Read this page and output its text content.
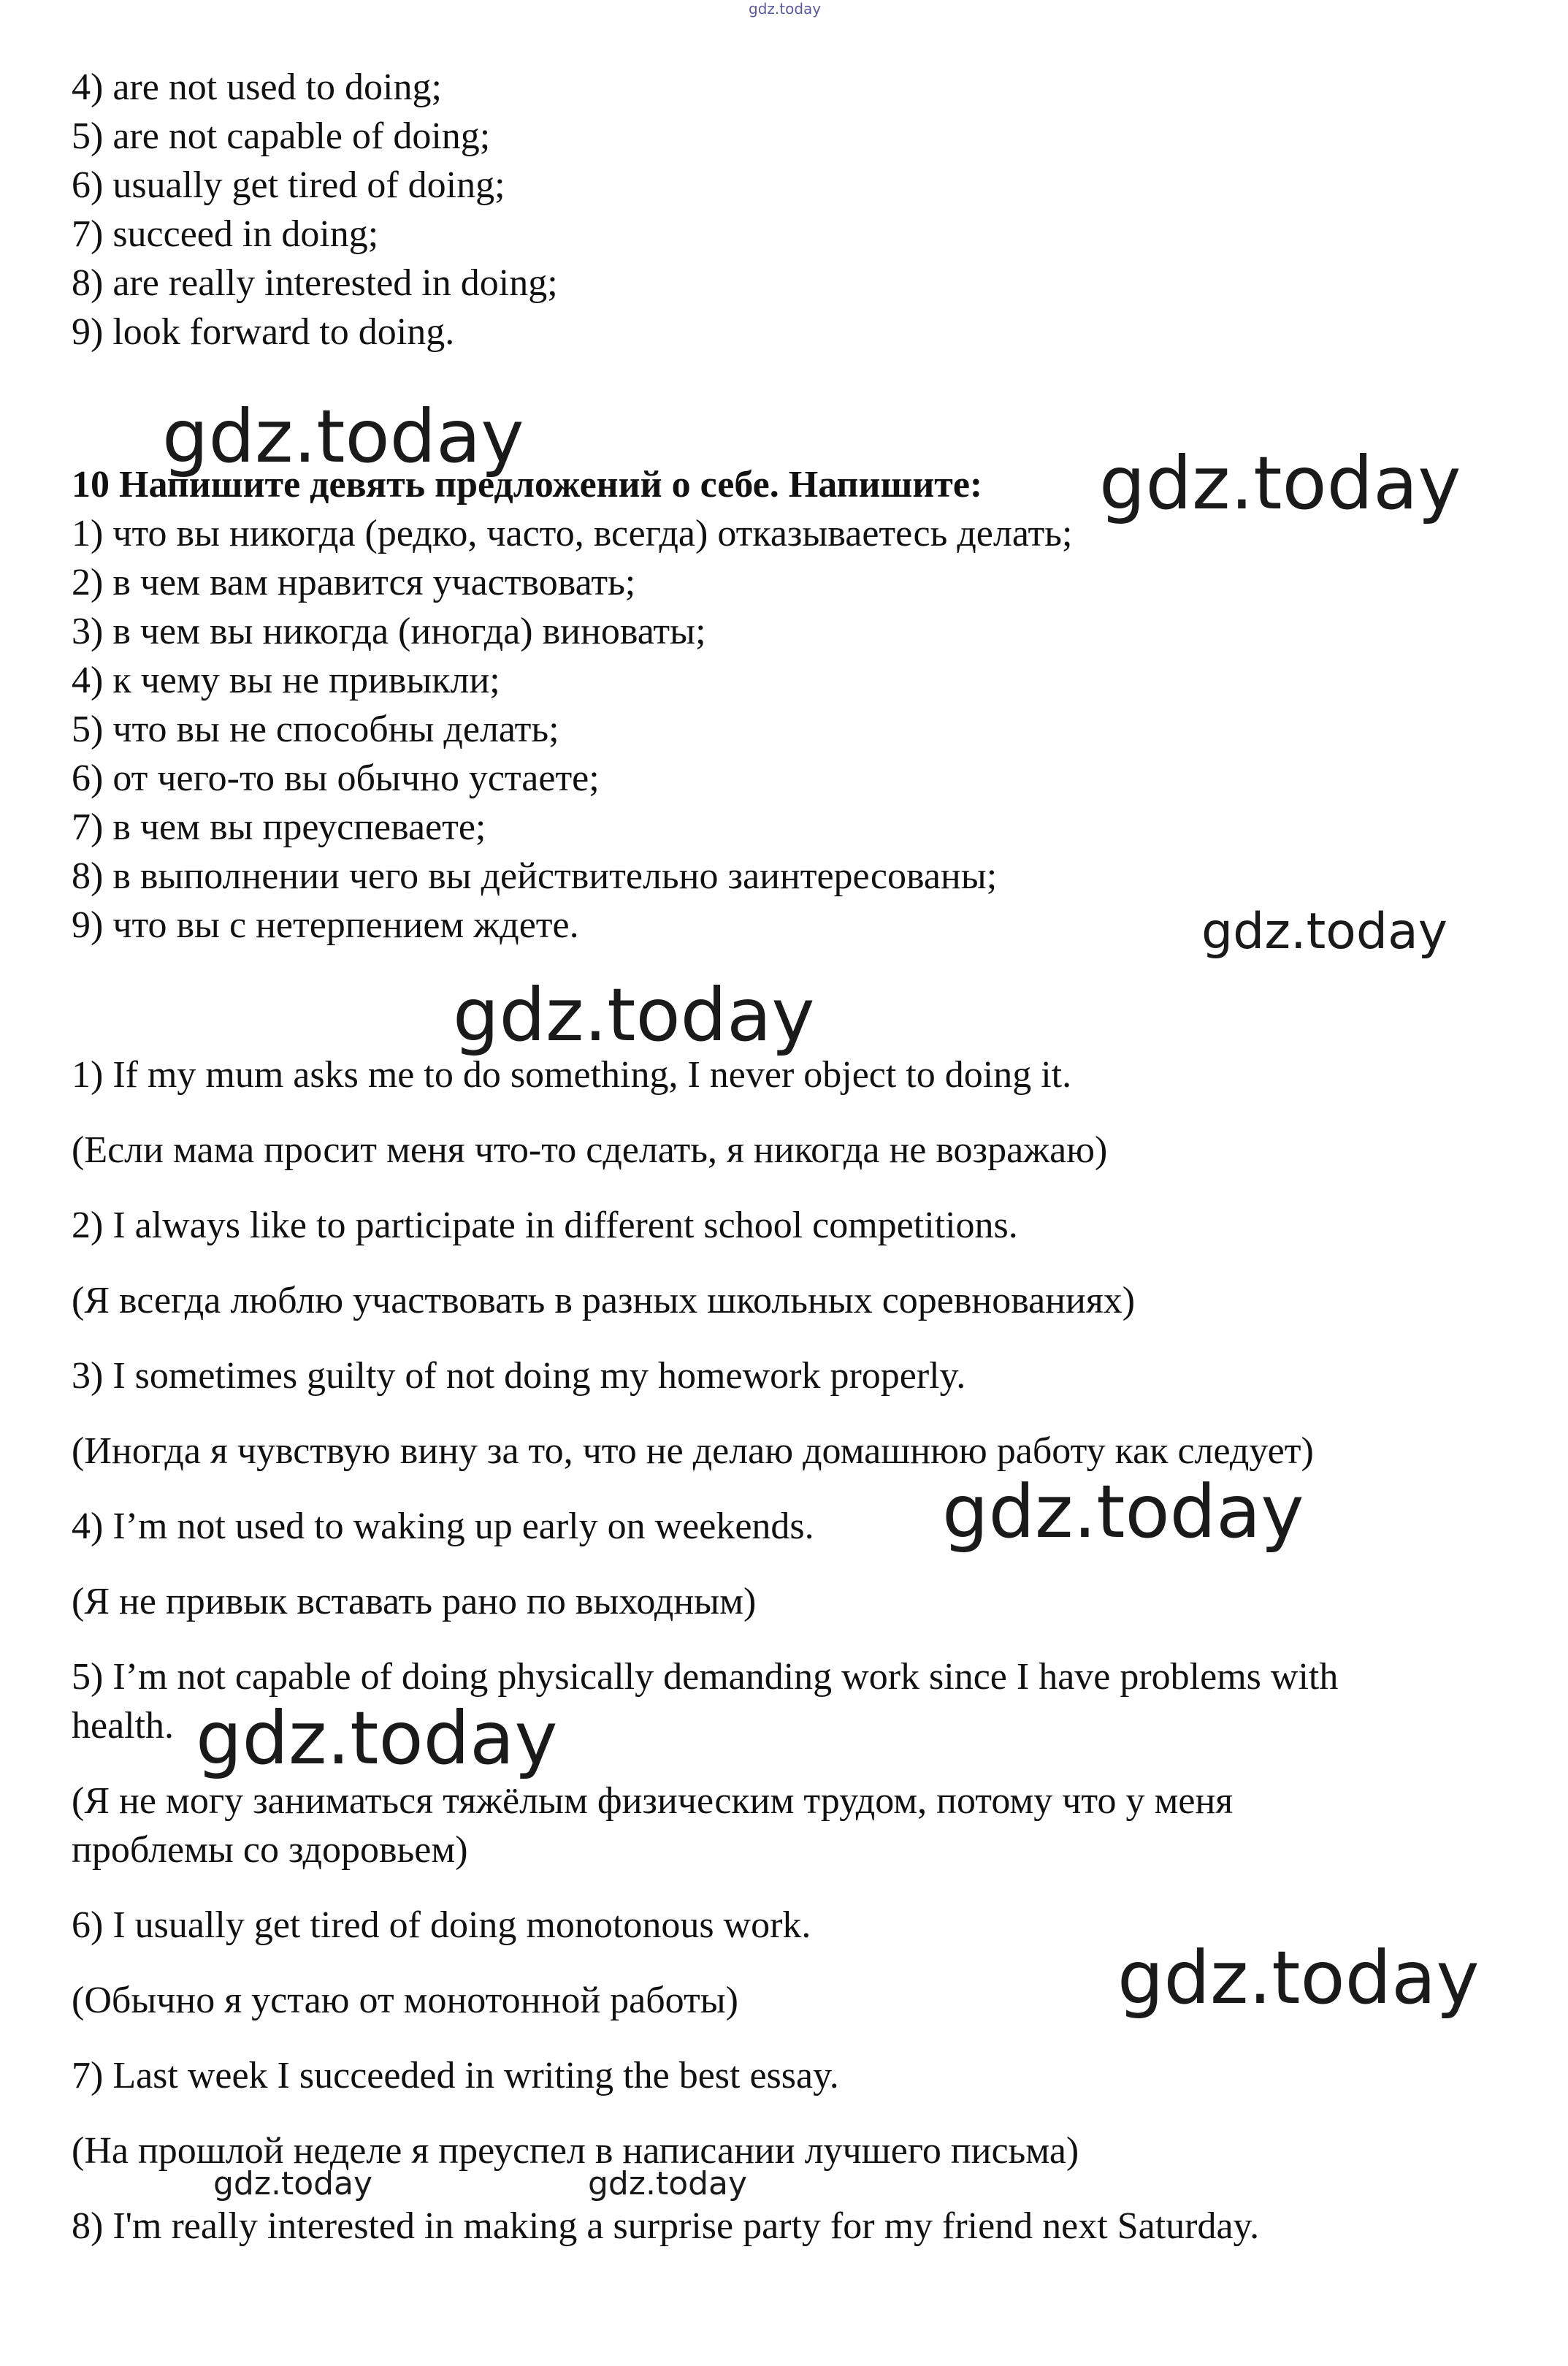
gdz.today
4) are not used to doing;
5) are not capable of doing;
6) usually get tired of doing;
7) succeed in doing;
8) are really interested in doing;
9) look forward to doing.
gdz.today
10 Напишите девять предложений о себе. Напишите: gdz.today
1) что вы никогда (редко, часто, всегда) отказываетесь делать;
2) в чем вам нравится участвовать;
3) в чем вы никогда (иногда) виноваты;
4) к чему вы не привыкли;
5) что вы не способны делать;
6) от чего-то вы обычно устаете;
7) в чем вы преуспеваете;
8) в выполнении чего вы действительно заинтересованы;
9) что вы с нетерпением ждете.	gdz.today
gdz.today
1) If my mum asks me to do something, I never object to doing it.
(Если мама просит меня что-то сделать, я никогда не возражаю)
2) I always like to participate in different school competitions.
(Я всегда люблю участвовать в разных школьных соревнованиях)
3) I sometimes guilty of not doing my homework properly.
(Иногда я чувствую вину за то, что не делаю домашнюю работу как следует)
4) I’m not used to waking up early on weekends. gdz.today
(Я не привык вставать рано по выходным)
5) I’m not capable of doing physically demanding work since I have problems with
health. gdz.today
(Я не могу заниматься тяжёлым физическим трудом, потому что у меня
проблемы со здоровьем)
6) I usually get tired of doing monotonous work.
(Обычно я устаю от монотонной работы)	gdz.today
7) Last week I succeeded in writing the best essay.
(На прошлой неделе я преуспел в написании лучшего письма)
gdz.today	gdz.today
8) I'm really interested in making a surprise party for my friend next Saturday.
